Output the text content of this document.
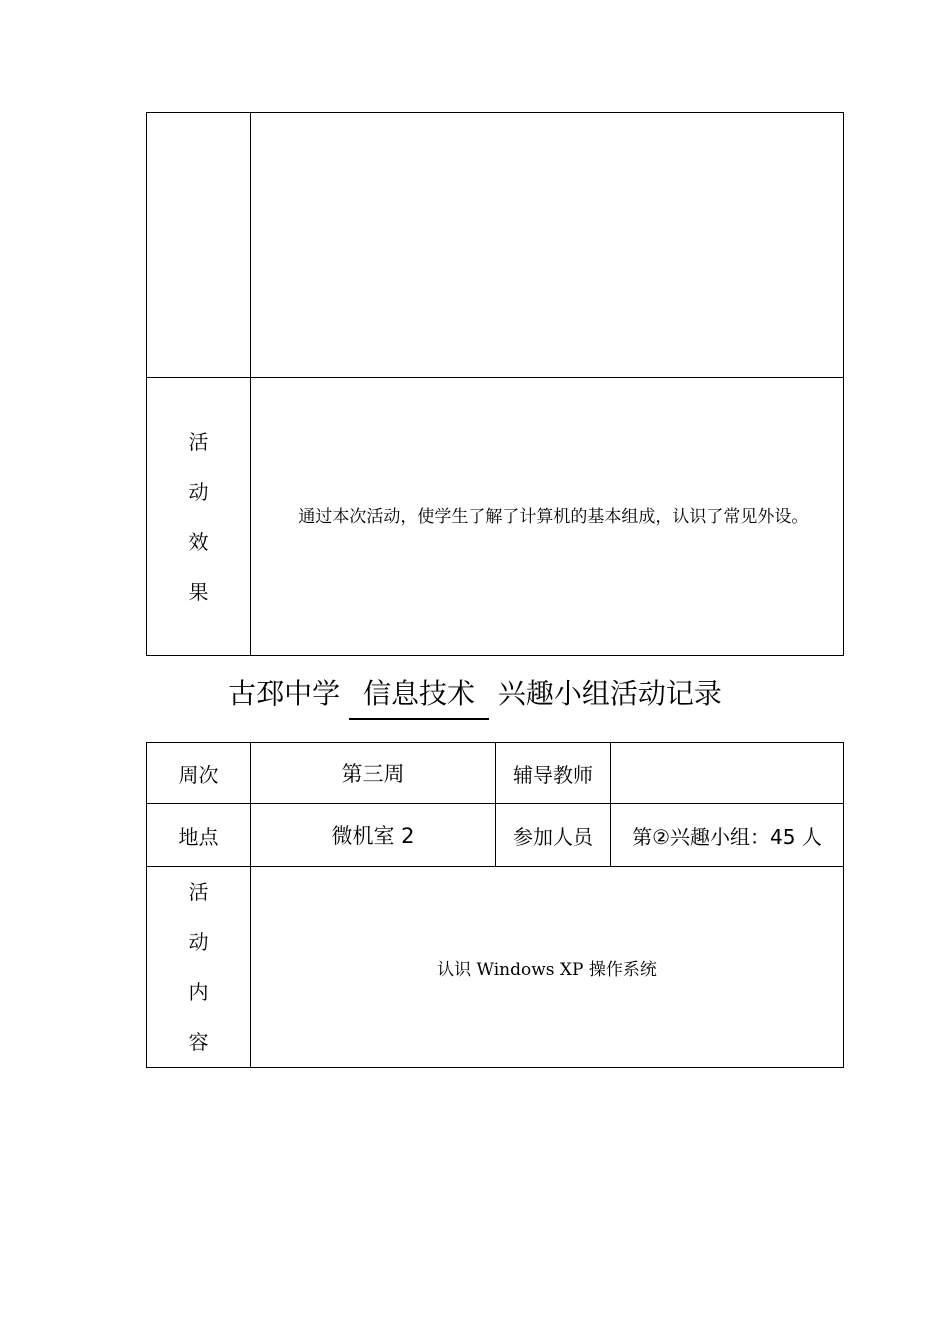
活
动
效
果	通过本次活动，使学生了解了计算机的基本组成，认识了常见外设。
古邳中学 信息技术 兴趣小组活动记录
周次	第三周	辅导教师	
地点	微机室 2	参加人员	第②兴趣小组：45 人

活
动
内
容	认识 Windows XP 操作系统		
